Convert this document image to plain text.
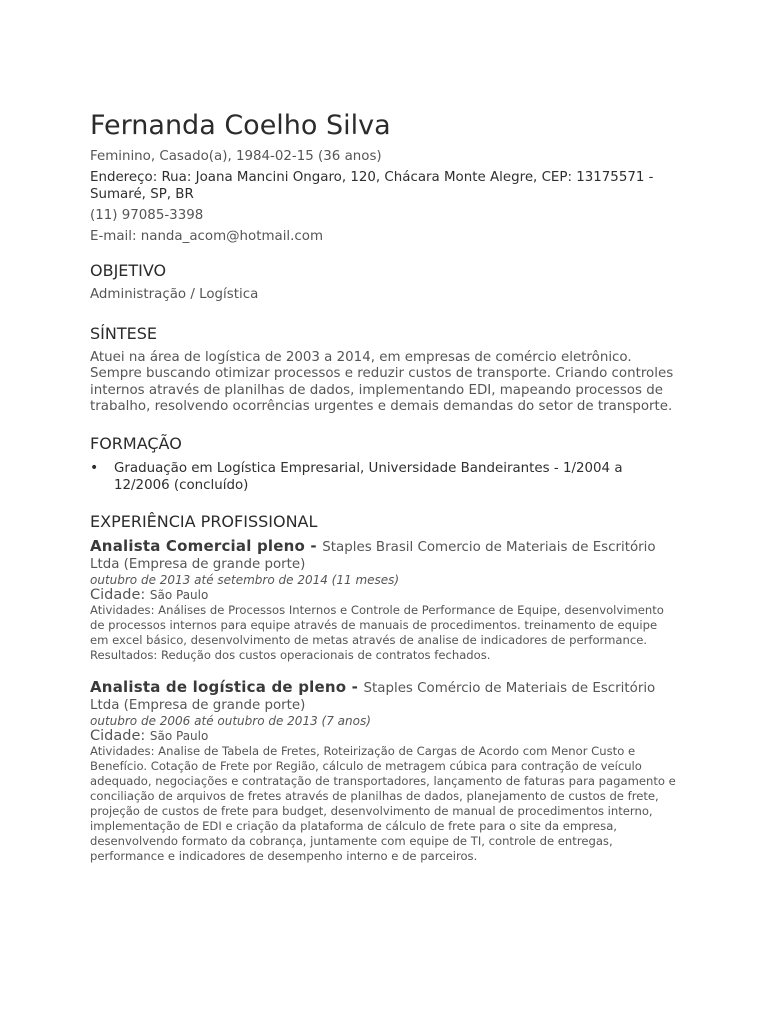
Fernanda Coelho Silva
Feminino, Casado(a), 1984-02-15 (36 anos)
Endereço: Rua: Joana Mancini Ongaro, 120, Chácara Monte Alegre, CEP: 13175571 - Sumaré, SP, BR
(11) 97085-3398
E-mail: nanda_acom@hotmail.com
OBJETIVO
Administração / Logística
SÍNTESE
Atuei na área de logística de 2003 a 2014, em empresas de comércio eletrônico. Sempre buscando otimizar processos e reduzir custos de transporte. Criando controles internos através de planilhas de dados, implementando EDI, mapeando processos de trabalho, resolvendo ocorrências urgentes e demais demandas do setor de transporte.
FORMAÇÃO
• Graduação em Logística Empresarial, Universidade Bandeirantes - 1/2004 a 12/2006 (concluído)
EXPERIÊNCIA PROFISSIONAL
Analista Comercial pleno - Staples Brasil Comercio de Materiais de Escritório Ltda (Empresa de grande porte)
outubro de 2013 até setembro de 2014 (11 meses)
Cidade: São Paulo
Atividades: Análises de Processos Internos e Controle de Performance de Equipe, desenvolvimento de processos internos para equipe através de manuais de procedimentos. treinamento de equipe em excel básico, desenvolvimento de metas através de analise de indicadores de performance.
Resultados: Redução dos custos operacionais de contratos fechados.
Analista de logística de pleno - Staples Comércio de Materiais de Escritório Ltda (Empresa de grande porte)
outubro de 2006 até outubro de 2013 (7 anos)
Cidade: São Paulo
Atividades: Analise de Tabela de Fretes, Roteirização de Cargas de Acordo com Menor Custo e Benefício. Cotação de Frete por Região, cálculo de metragem cúbica para contração de veículo adequado, negociações e contratação de transportadores, lançamento de faturas para pagamento e conciliação de arquivos de fretes através de planilhas de dados, planejamento de custos de frete, projeção de custos de frete para budget, desenvolvimento de manual de procedimentos interno, implementação de EDI e criação da plataforma de cálculo de frete para o site da empresa, desenvolvendo formato da cobrança, juntamente com equipe de TI, controle de entregas, performance e indicadores de desempenho interno e de parceiros.
